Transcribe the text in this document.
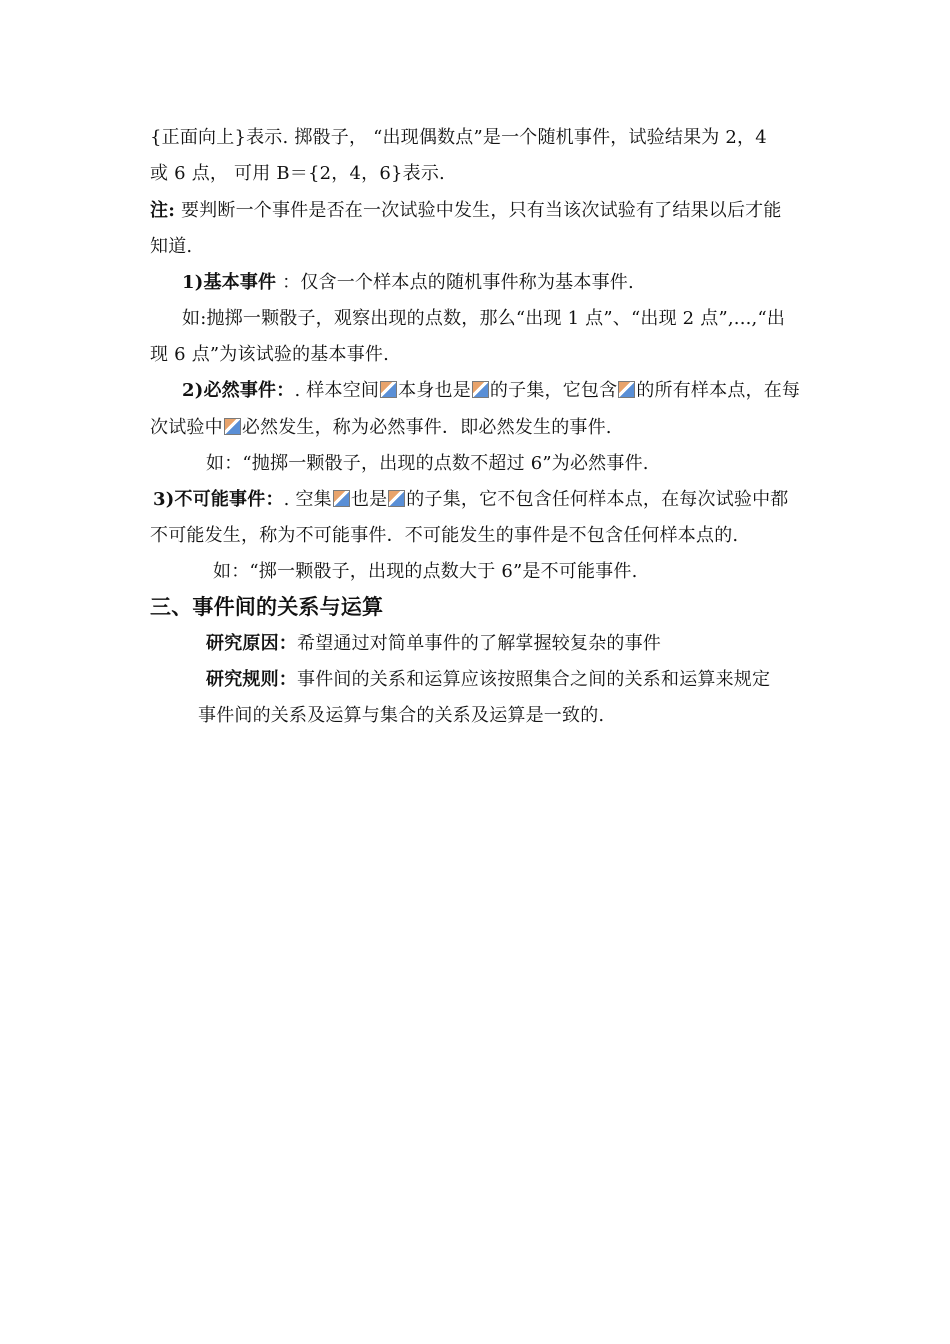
{正面向上}表示. 掷骰子， “出现偶数点”是一个随机事件，试验结果为 2，4
或 6 点， 可用 B＝{2，4，6}表示.
注: 要判断一个事件是否在一次试验中发生，只有当该次试验有了结果以后才能
知道.
1)基本事件 ：仅含一个样本点的随机事件称为基本事件.
如:抛掷一颗骰子，观察出现的点数，那么“出现 1 点”、“出现 2 点”,...,“出
现 6 点”为该试验的基本事件.
2)必然事件：. 样本空间 本身也是 的子集，它包含 的所有样本点，在每
次试验中 必然发生，称为必然事件．即必然发生的事件.
如：“抛掷一颗骰子，出现的点数不超过 6”为必然事件.
3)不可能事件：. 空集 也是 的子集，它不包含任何样本点，在每次试验中都
不可能发生，称为不可能事件．不可能发生的事件是不包含任何样本点的.
如：“掷一颗骰子，出现的点数大于 6”是不可能事件.
三、事件间的关系与运算
研究原因：希望通过对简单事件的了解掌握较复杂的事件
研究规则：事件间的关系和运算应该按照集合之间的关系和运算来规定
事件间的关系及运算与集合的关系及运算是一致的.
